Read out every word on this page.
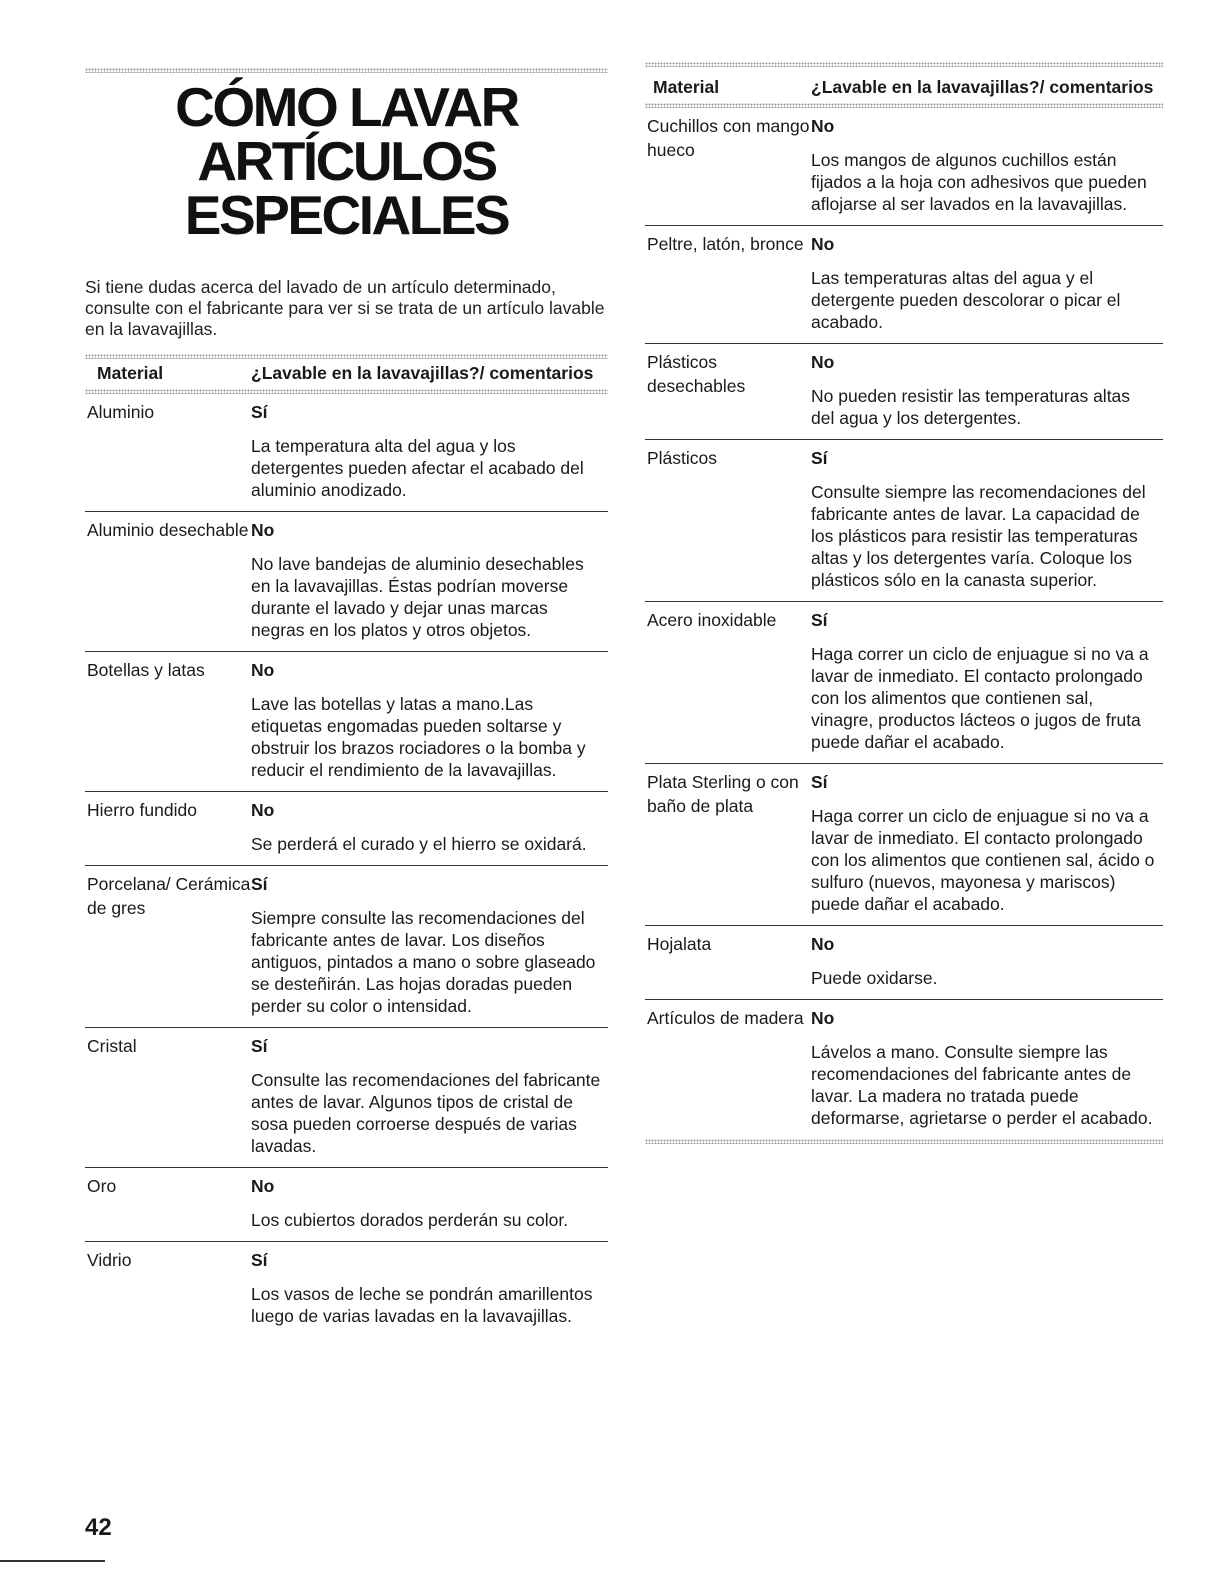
CÓMO LAVAR
ARTÍCULOS
ESPECIALES

Si tiene dudas acerca del lavado de un artículo determinado, consulte con el fabricante para ver si se trata de un artículo lavable en la lavavajillas.

Material	¿Lavable en la lavavajillas?/ comentarios
Aluminio	Sí
La temperatura alta del agua y los detergentes pueden afectar el acabado del aluminio anodizado.

Aluminio desechable	No
No lave bandejas de aluminio desechables en la lavavajillas. Éstas podrían moverse durante el lavado y dejar unas marcas negras en los platos y otros objetos.

Botellas y latas	No
Lave las botellas y latas a mano.Las etiquetas engomadas pueden soltarse y obstruir los brazos rociadores o la bomba y reducir el rendimiento de la lavavajillas.

Hierro fundido	No
Se perderá el curado y el hierro se oxidará.

Porcelana/ Cerámica de gres	Sí
Siempre consulte las recomendaciones del fabricante antes de lavar. Los diseños antiguos, pintados a mano o sobre glaseado se desteñirán. Las hojas doradas pueden perder su color o intensidad.

Cristal	Sí
Consulte las recomendaciones del fabricante antes de lavar. Algunos tipos de cristal de sosa pueden corroerse después de varias lavadas.

Oro	No
Los cubiertos dorados perderán su color.

Vidrio	Sí
Los vasos de leche se pondrán amarillentos luego de varias lavadas en la lavavajillas.
Material	¿Lavable en la lavavajillas?/ comentarios
Cuchillos con mango hueco	No
Los mangos de algunos cuchillos están fijados a la hoja con adhesivos que pueden aflojarse al ser lavados en la lavavajillas.

Peltre, latón, bronce	No
Las temperaturas altas del agua y el detergente pueden descolorar o picar el acabado.

Plásticos desechables	No
No pueden resistir las temperaturas altas del agua y los detergentes.

Plásticos	Sí
Consulte siempre las recomendaciones del fabricante antes de lavar. La capacidad de los plásticos para resistir las temperaturas altas y los detergentes varía. Coloque los plásticos sólo en la canasta superior.

Acero inoxidable	Sí
Haga correr un ciclo de enjuague si no va a lavar de inmediato. El contacto prolongado con los alimentos que contienen sal, vinagre, productos lácteos o jugos de fruta puede dañar el acabado.

Plata Sterling o con baño de plata	Sí
Haga correr un ciclo de enjuague si no va a lavar de inmediato. El contacto prolongado con los alimentos que contienen sal, ácido o sulfuro (nuevos, mayonesa y mariscos) puede dañar el acabado.

Hojalata	No
Puede oxidarse.

Artículos de madera	No
Lávelos a mano. Consulte siempre las recomendaciones del fabricante antes de lavar. La madera no tratada puede deformarse, agrietarse o perder el acabado.
42
